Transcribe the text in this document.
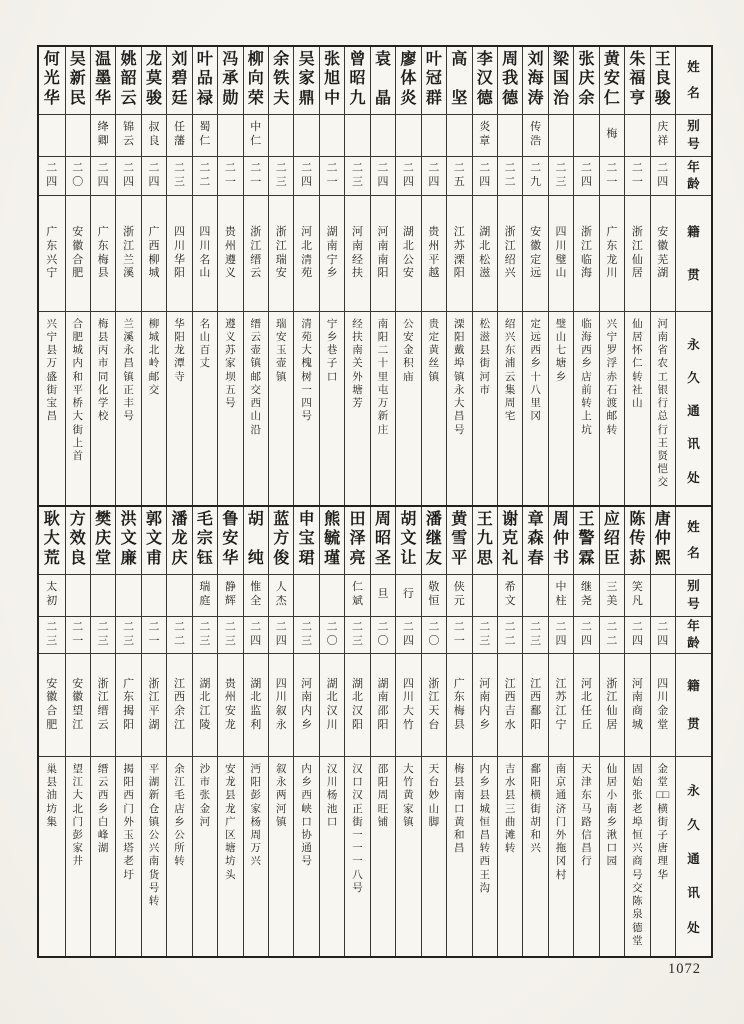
姓
名
别
号
年
龄
籍
贯
永
久
通
讯
处
王
良
骏
庆祥
二四
安徽芜湖
河南省农工银行总行王贤恺交
朱
福
亨
二一
浙江仙居
仙居怀仁转社山
黄
安
仁
梅
二一
广东龙川
兴宁罗浮赤石渡邮转
张
庆
余
二四
浙江临海
临海西乡店前转上坑
梁
国
治
二三
四川璧山
璧山七塘乡
刘
海
涛
传浩
二九
安徽定远
定远西乡十八里冈
周
我
德
二二
浙江绍兴
绍兴东浦云集周宅
李
汉
德
炎章
二四
湖北松滋
松滋县街河市
高
坚
二五
江苏溧阳
溧阳戴埠镇永大昌号
叶
冠
群
二四
贵州平越
贵定黄丝镇
廖
体
炎
二四
湖北公安
公安金积庙
袁
晶
二四
河南南阳
南阳二十里屯万新庄
曾
昭
九
二三
河南经扶
经扶南关外塘芳
张
旭
中
二一
湖南宁乡
宁乡巷子口
吴
家
鼎
二四
河北清苑
清苑大槐树一四号
余
铁
夫
二三
浙江瑞安
瑞安玉壶镇
柳
向
荣
中仁
二一
浙江缙云
缙云壶镇邮交西山沿
冯
承
勋
二一
贵州遵义
遵义苏家坝五号
叶
品
禄
蜀仁
二二
四川名山
名山百丈
刘
碧
廷
任藩
二三
四川华阳
华阳龙潭寺
龙
莫
骏
叔良
二四
广西柳城
柳城北岭邮交
姚
韶
云
锦云
二四
浙江兰溪
兰溪永昌镇正丰号
温
墨
华
绛卿
二四
广东梅县
梅县丙市同化学校
吴
新
民
二〇
安徽合肥
合肥城内和平桥大街上首
何
光
华
二四
广东兴宁
兴宁县万盛街宝昌
姓
名
别
号
年
龄
籍
贯
永
久
通
讯
处
唐
仲
熙
二四
四川金堂
金堂□□横街子唐理华
陈
传
荪
笑凡
二四
河南商城
固始张老埠恒兴商号交陈泉德堂
应
绍
臣
三美
二二
浙江仙居
仙居小南乡湫口园
王
警
霖
继尧
二四
河北任丘
天津东马路信昌行
周
仲
书
中柱
二四
江苏江宁
南京通济门外拖冈村
章
森
春
二三
江西鄱阳
鄱阳横街胡和兴
谢
克
礼
希文
二二
江西吉水
吉水县三曲滩转
王
九
思
二三
河南内乡
内乡县城恒昌转西王沟
黄
雪
平
侠元
二一
广东梅县
梅县南口黄和昌
潘
继
友
敬恒
二〇
浙江天台
天台妙山脚
胡
文
让
行
二四
四川大竹
大竹黄家镇
周
昭
圣
旦
二〇
湖南邵阳
邵阳周旺铺
田
泽
亮
仁斌
二三
湖北汉阳
汉口汉正街一一一八号
熊
毓
瑾
二〇
湖北汉川
汉川杨池口
申
宝
珺
二三
河南内乡
内乡西峡口协通号
蓝
方
俊
人杰
二四
四川叙永
叙永两河镇
胡
纯
惟全
二四
湖北监利
沔阳彭家杨周万兴
鲁
安
华
静辉
二三
贵州安龙
安龙县龙广区塘坊头
毛
宗
钰
瑞庭
二三
湖北江陵
沙市张金河
潘
龙
庆
二二
江西余江
余江毛店乡公所转
郭
文
甫
二一
浙江平湖
平湖新仓镇公兴南货号转
洪
文
廉
二三
广东揭阳
揭阳西门外玉塔老圩
樊
庆
堂
二三
浙江缙云
缙云西乡白峰湖
方
效
良
二一
安徽望江
望江大北门彭家井
耿
大
荒
太初
二三
安徽合肥
巢县油坊集
1072
